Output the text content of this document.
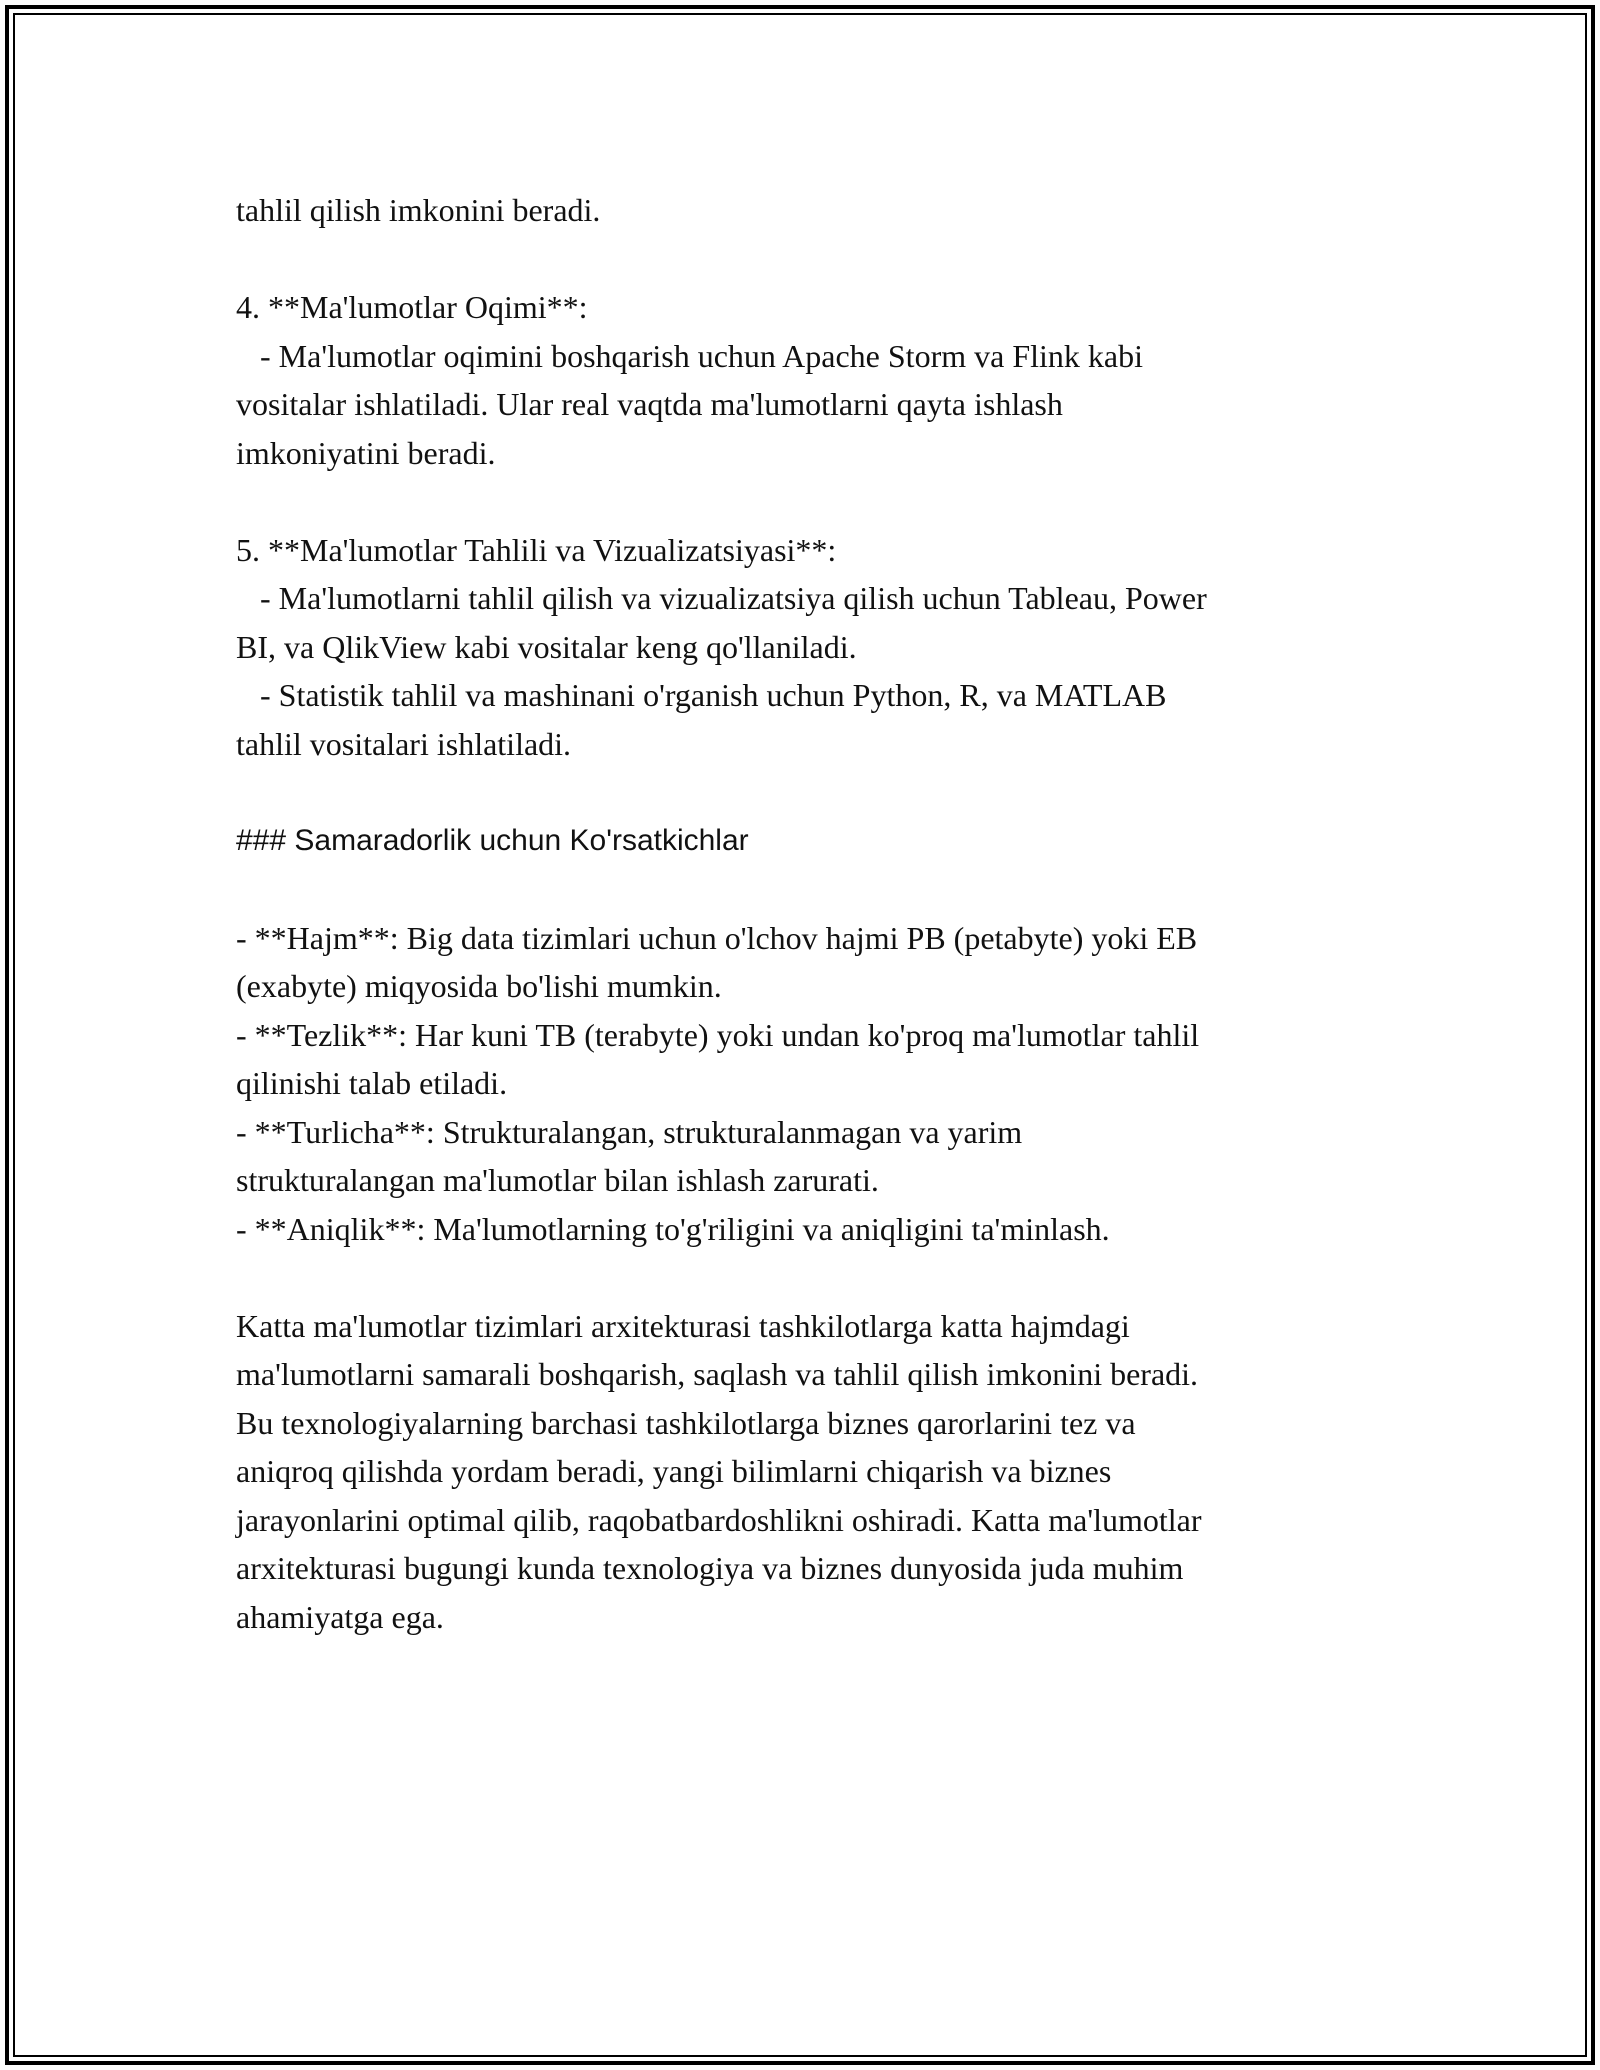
tahlil qilish imkonini beradi.
4. **Ma'lumotlar Oqimi**:
- Ma'lumotlar oqimini boshqarish uchun Apache Storm va Flink kabi
vositalar ishlatiladi. Ular real vaqtda ma'lumotlarni qayta ishlash
imkoniyatini beradi.
5. **Ma'lumotlar Tahlili va Vizualizatsiyasi**:
- Ma'lumotlarni tahlil qilish va vizualizatsiya qilish uchun Tableau, Power
BI, va QlikView kabi vositalar keng qo'llaniladi.
- Statistik tahlil va mashinani o'rganish uchun Python, R, va MATLAB
tahlil vositalari ishlatiladi.
### Samaradorlik uchun Ko'rsatkichlar
- **Hajm**: Big data tizimlari uchun o'lchov hajmi PB (petabyte) yoki EB
(exabyte) miqyosida bo'lishi mumkin.
- **Tezlik**: Har kuni TB (terabyte) yoki undan ko'proq ma'lumotlar tahlil
qilinishi talab etiladi.
- **Turlicha**: Strukturalangan, strukturalanmagan va yarim
strukturalangan ma'lumotlar bilan ishlash zarurati.
- **Aniqlik**: Ma'lumotlarning to'g'riligini va aniqligini ta'minlash.
Katta ma'lumotlar tizimlari arxitekturasi tashkilotlarga katta hajmdagi
ma'lumotlarni samarali boshqarish, saqlash va tahlil qilish imkonini beradi.
Bu texnologiyalarning barchasi tashkilotlarga biznes qarorlarini tez va
aniqroq qilishda yordam beradi, yangi bilimlarni chiqarish va biznes
jarayonlarini optimal qilib, raqobatbardoshlikni oshiradi. Katta ma'lumotlar
arxitekturasi bugungi kunda texnologiya va biznes dunyosida juda muhim
ahamiyatga ega.
